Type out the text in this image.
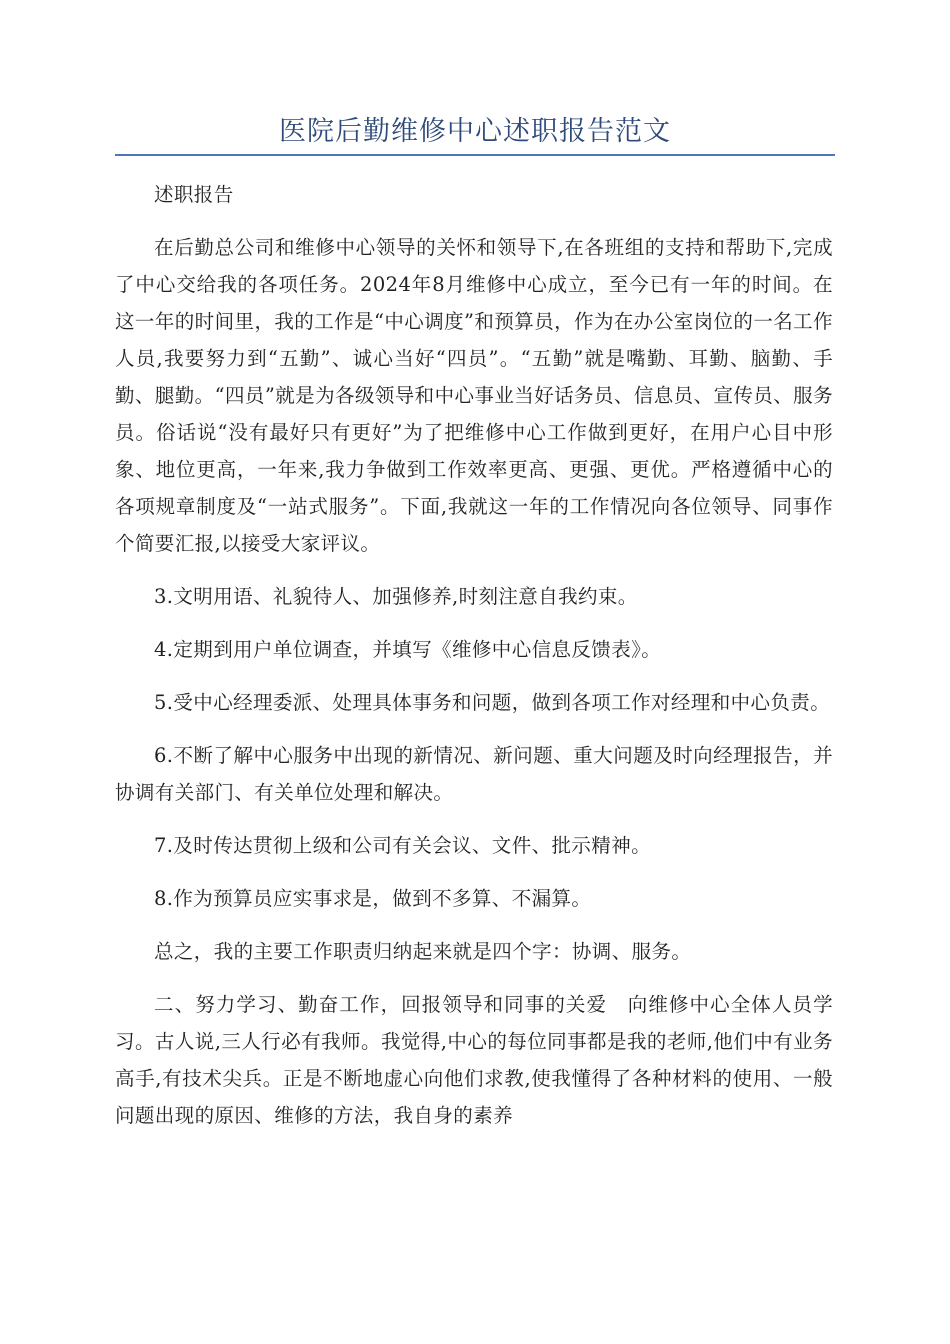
医院后勤维修中心述职报告范文

述职报告

在后勤总公司和维修中心领导的关怀和领导下,在各班组的支持和帮助下,完成了中心交给我的各项任务。2024年8月维修中心成立，至今已有一年的时间。在这一年的时间里，我的工作是“中心调度”和预算员，作为在办公室岗位的一名工作人员,我要努力到“五勤”、诚心当好“四员”。“五勤”就是嘴勤、耳勤、脑勤、手勤、腿勤。“四员”就是为各级领导和中心事业当好话务员、信息员、宣传员、服务员。俗话说“没有最好只有更好”为了把维修中心工作做到更好，在用户心目中形象、地位更高，一年来,我力争做到工作效率更高、更强、更优。严格遵循中心的各项规章制度及“一站式服务”。下面,我就这一年的工作情况向各位领导、同事作个简要汇报,以接受大家评议。

3.文明用语、礼貌待人、加强修养,时刻注意自我约束。

4.定期到用户单位调查，并填写《维修中心信息反馈表》。

5.受中心经理委派、处理具体事务和问题，做到各项工作对经理和中心负责。

6.不断了解中心服务中出现的新情况、新问题、重大问题及时向经理报告，并协调有关部门、有关单位处理和解决。

7.及时传达贯彻上级和公司有关会议、文件、批示精神。

8.作为预算员应实事求是，做到不多算、不漏算。

总之，我的主要工作职责归纳起来就是四个字：协调、服务。

二、努力学习、勤奋工作，回报领导和同事的关爱　向维修中心全体人员学习。古人说,三人行必有我师。我觉得,中心的每位同事都是我的老师,他们中有业务高手,有技术尖兵。正是不断地虚心向他们求教,使我懂得了各种材料的使用、一般问题出现的原因、维修的方法，我自身的素养
